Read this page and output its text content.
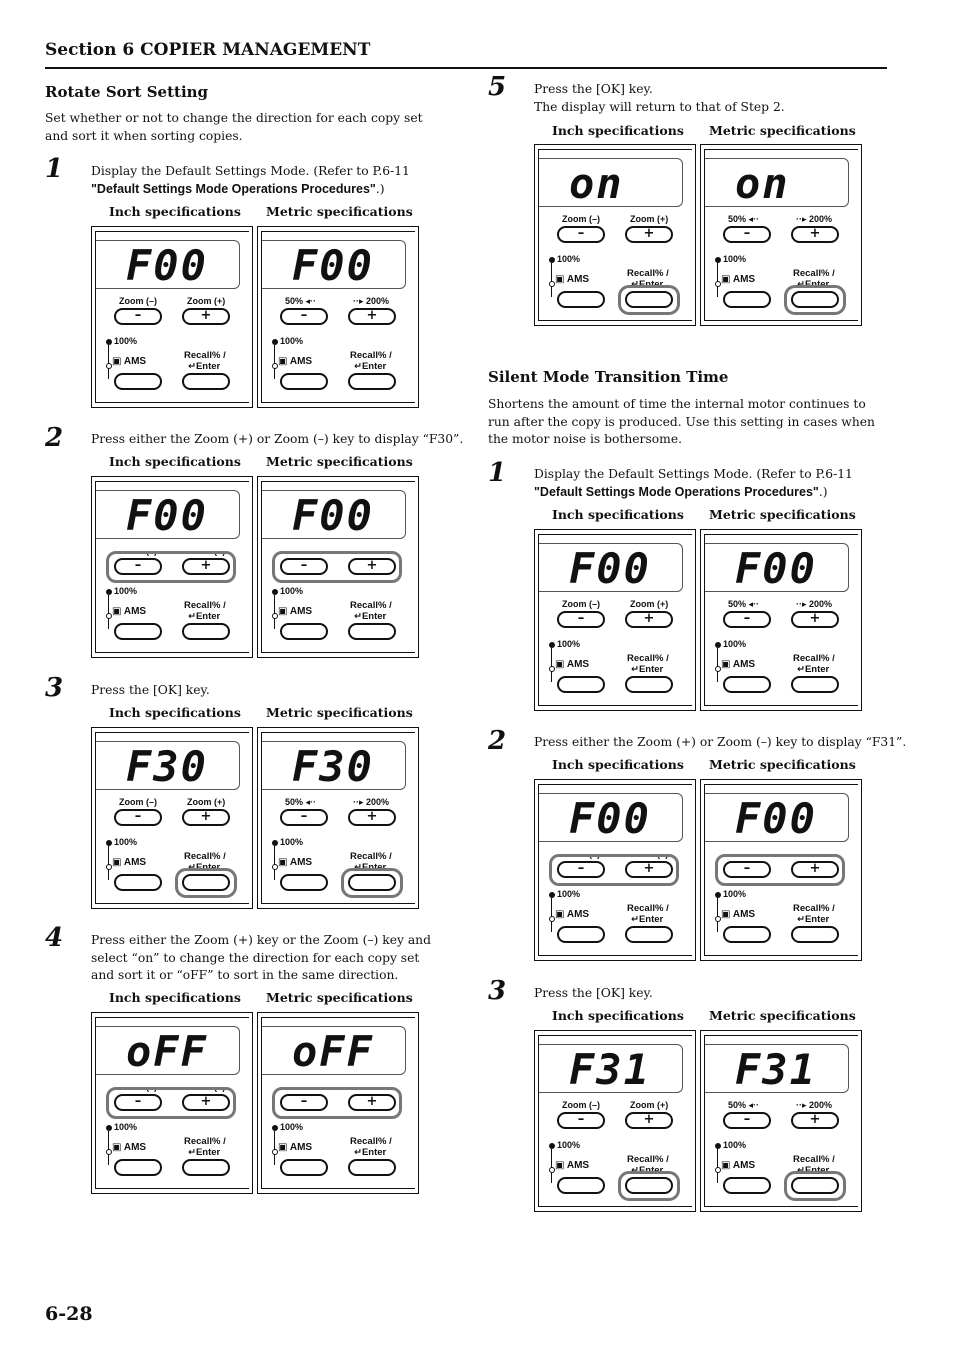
Section 6 COPIER MANAGEMENT
Rotate Sort Setting
Set whether or not to change the direction for each copy set and sort it when sorting copies.
1 Display the Default Settings Mode. (Refer to P.6-11
"Default Settings Mode Operations Procedures".)
Inch specifications Metric specifications
F00
Zoom (–)	Zoom (+)
–	+
100%
▣ AMS
Recall% /
↵Enter
F00
50% ◂··	··▸ 200%
–	+
100%
▣ AMS
Recall% /
↵Enter
2 Press either the Zoom (+) or Zoom (–) key to display “F30”.
Inch specifications Metric specifications
F00
–	+
100%
▣ AMS
Recall% /
↵Enter
F00
–	+
100%
▣ AMS
Recall% /
↵Enter
3 Press the [OK] key.
Inch specifications Metric specifications
F30
Zoom (–)	Zoom (+)
–	+
100%
▣ AMS
Recall% /
↵Enter
F30
50% ◂··	··▸ 200%
–	+
100%
▣ AMS
Recall% /
↵Enter
4 Press either the Zoom (+) key or the Zoom (–) key and select “on” to change the direction for each copy set and sort it or “oFF” to sort in the same direction.
Inch specifications Metric specifications
oFF
–	+
100%
▣ AMS
Recall% /
↵Enter
oFF
–	+
100%
▣ AMS
Recall% /
↵Enter
5 Press the [OK] key.
The display will return to that of Step 2.
Inch specifications Metric specifications
on
Zoom (–)	Zoom (+)
–	+
100%
▣ AMS
Recall% /
↵Enter
on
50% ◂··	··▸ 200%
–	+
100%
▣ AMS
Recall% /
↵Enter
Silent Mode Transition Time
Shortens the amount of time the internal motor continues to run after the copy is produced. Use this setting in cases when the motor noise is bothersome.
1 Display the Default Settings Mode. (Refer to P.6-11
"Default Settings Mode Operations Procedures".)
Inch specifications Metric specifications
F00
Zoom (–)	Zoom (+)
–	+
100%
▣ AMS
Recall% /
↵Enter
F00
50% ◂··	··▸ 200%
–	+
100%
▣ AMS
Recall% /
↵Enter
2 Press either the Zoom (+) or Zoom (–) key to display “F31”.
Inch specifications Metric specifications
F00
–	+
100%
▣ AMS
Recall% /
↵Enter
F00
–	+
100%
▣ AMS
Recall% /
↵Enter
3 Press the [OK] key.
Inch specifications Metric specifications
F31
Zoom (–)	Zoom (+)
–	+
100%
▣ AMS
Recall% /
↵Enter
F31
50% ◂··	··▸ 200%
–	+
100%
▣ AMS
Recall% /
↵Enter
6-28
